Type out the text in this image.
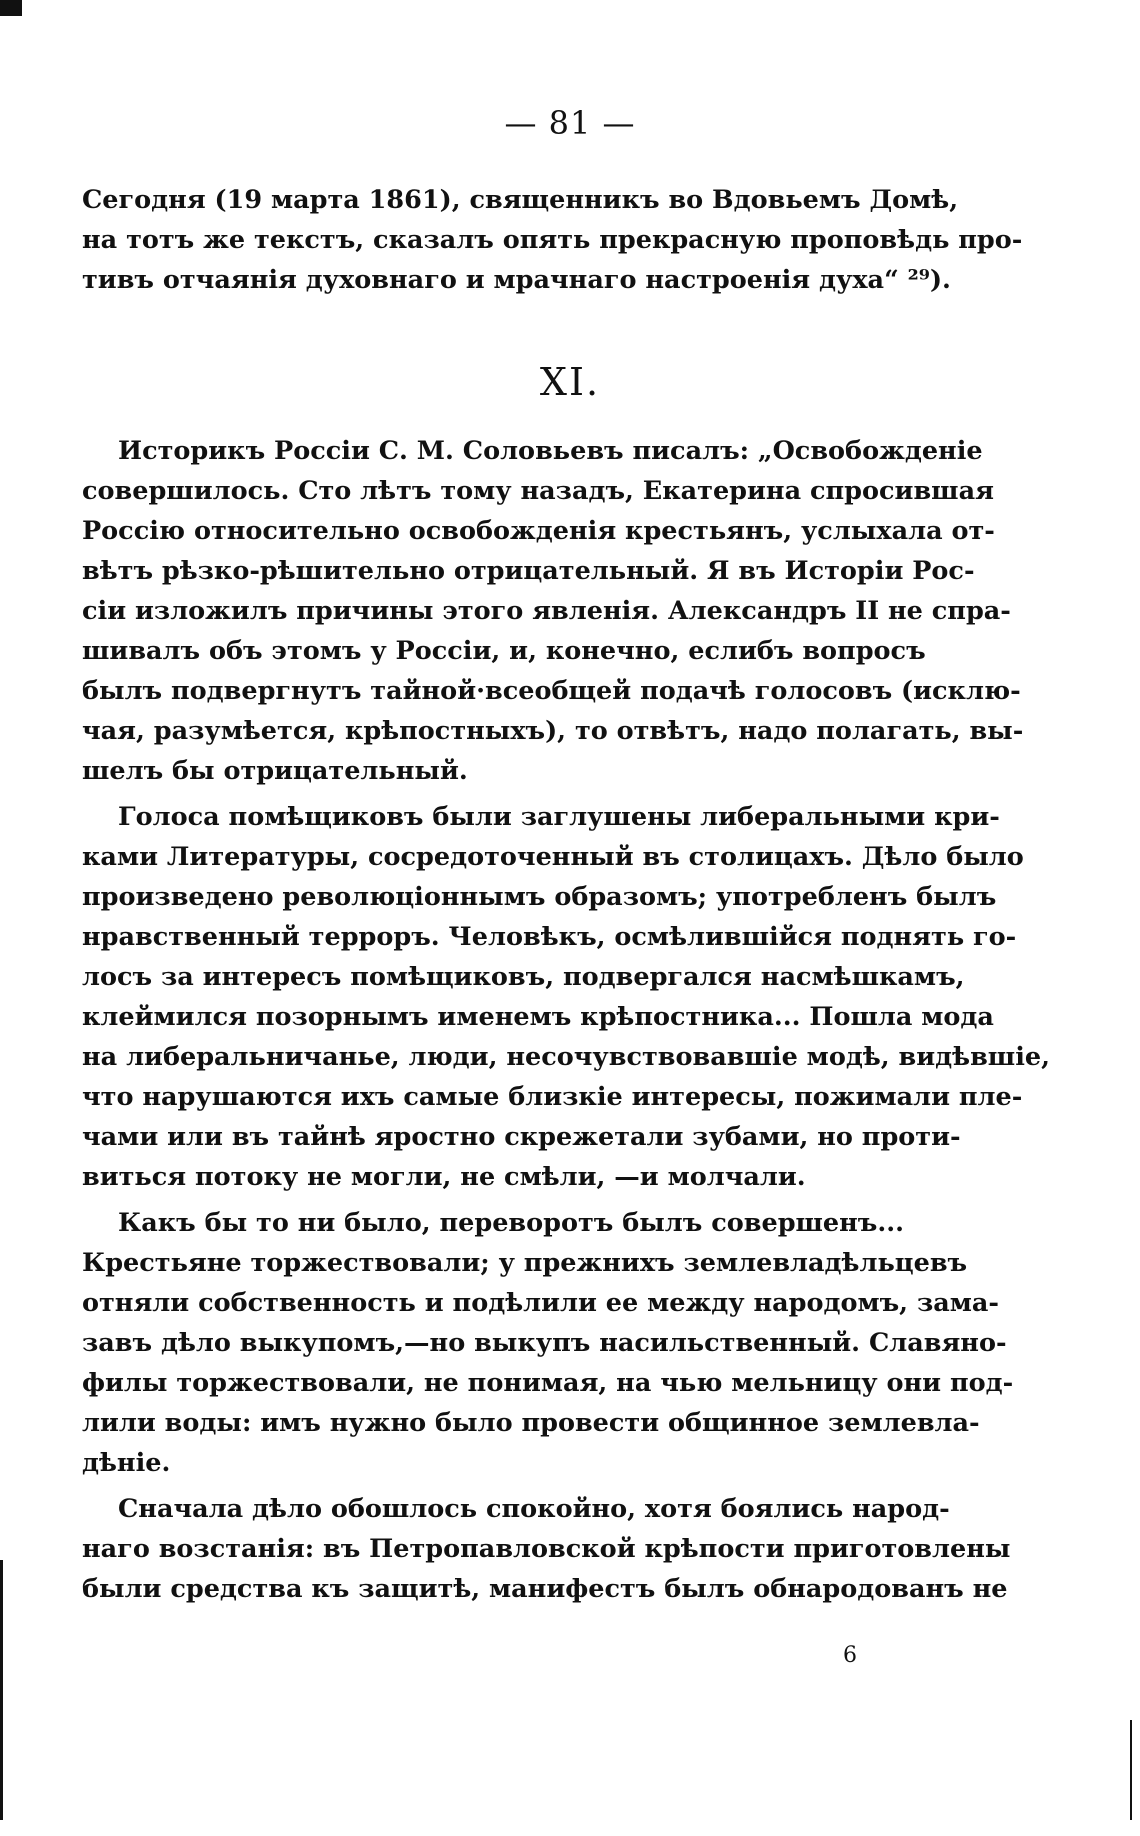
— 81 —
Сегодня (19 марта 1861), священникъ во Вдовьемъ Домѣ,
на тотъ же текстъ, сказалъ опять прекрасную проповѣдь про-
тивъ отчаянія духовнаго и мрачнаго настроенія духа“ ²⁹).
XI.
Историкъ Россіи С. М. Соловьевъ писалъ: „Освобожденіе
совершилось. Сто лѣтъ тому назадъ, Екатерина спросившая
Россію относительно освобожденія крестьянъ, услыхала от-
вѣтъ рѣзко-рѣшительно отрицательный. Я въ Исторіи Рос-
сіи изложилъ причины этого явленія. Александръ II не спра-
шивалъ объ этомъ у Россіи, и, конечно, еслибъ вопросъ
былъ подвергнутъ тайной·всеобщей подачѣ голосовъ (исклю-
чая, разумѣется, крѣпостныхъ), то отвѣтъ, надо полагать, вы-
шелъ бы отрицательный.
Голоса помѣщиковъ были заглушены либеральными кри-
ками Литературы, сосредоточенный въ столицахъ. Дѣло было
произведено революціоннымъ образомъ; употребленъ былъ
нравственный терроръ. Человѣкъ, осмѣлившійся поднять го-
лосъ за интересъ помѣщиковъ, подвергался насмѣшкамъ,
клеймился позорнымъ именемъ крѣпостника... Пошла мода
на либеральничанье, люди, несочувствовавшіе модѣ, видѣвшіе,
что нарушаются ихъ самые близкіе интересы, пожимали пле-
чами или въ тайнѣ яростно скрежетали зубами, но проти-
виться потоку не могли, не смѣли, —и молчали.
Какъ бы то ни было, переворотъ былъ совершенъ...
Крестьяне торжествовали; у прежнихъ землевладѣльцевъ
отняли собственность и подѣлили ее между народомъ, зама-
завъ дѣло выкупомъ,—но выкупъ насильственный. Славяно-
филы торжествовали, не понимая, на чью мельницу они под-
лили воды: имъ нужно было провести общинное землевла-
дѣніе.
Сначала дѣло обошлось спокойно, хотя боялись народ-
наго возстанія: въ Петропавловской крѣпости приготовлены
были средства къ защитѣ, манифестъ былъ обнародованъ не
6
